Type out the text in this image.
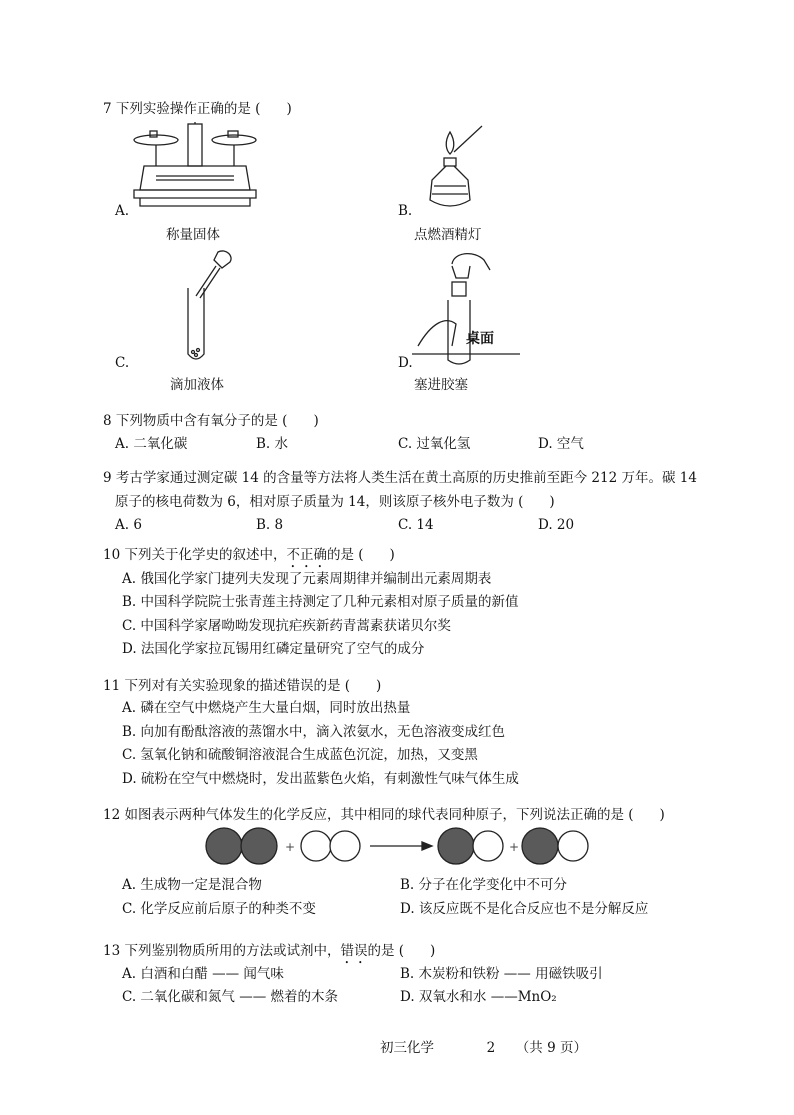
7 下列实验操作正确的是 ( )
A.
称量固体
B.
点燃酒精灯
C.
滴加液体
桌面
D.
塞进胶塞
8 下列物质中含有氧分子的是 ( )
A. 二氧化碳	B. 水	C. 过氧化氢	D. 空气
9 考古学家通过测定碳 14 的含量等方法将人类生活在黄土高原的历史推前至距今 212 万年。碳 14
原子的核电荷数为 6，相对原子质量为 14，则该原子核外电子数为 ( )
A. 6	B. 8	C. 14	D. 20
10 下列关于化学史的叙述中，不正确的是 ( )
A. 俄国化学家门捷列夫发现了元素周期律并编制出元素周期表
B. 中国科学院院士张青莲主持测定了几种元素相对原子质量的新值
C. 中国科学家屠呦呦发现抗疟疾新药青蒿素获诺贝尔奖
D. 法国化学家拉瓦锡用红磷定量研究了空气的成分
11 下列对有关实验现象的描述错误的是 ( )
A. 磷在空气中燃烧产生大量白烟，同时放出热量
B. 向加有酚酞溶液的蒸馏水中，滴入浓氨水，无色溶液变成红色
C. 氢氧化钠和硫酸铜溶液混合生成蓝色沉淀，加热，又变黑
D. 硫粉在空气中燃烧时，发出蓝紫色火焰，有刺激性气味气体生成
12 如图表示两种气体发生的化学反应，其中相同的球代表同种原子，下列说法正确的是 ( )
+	+
A. 生成物一定是混合物	B. 分子在化学变化中不可分
C. 化学反应前后原子的种类不变	D. 该反应既不是化合反应也不是分解反应
13 下列鉴别物质所用的方法或试剂中，错误的是 ( )
A. 白酒和白醋 —— 闻气味	B. 木炭粉和铁粉 —— 用磁铁吸引
C. 二氧化碳和氮气 —— 燃着的木条	D. 双氧水和水 ——MnO₂
初三化学	2 （共 9 页）
